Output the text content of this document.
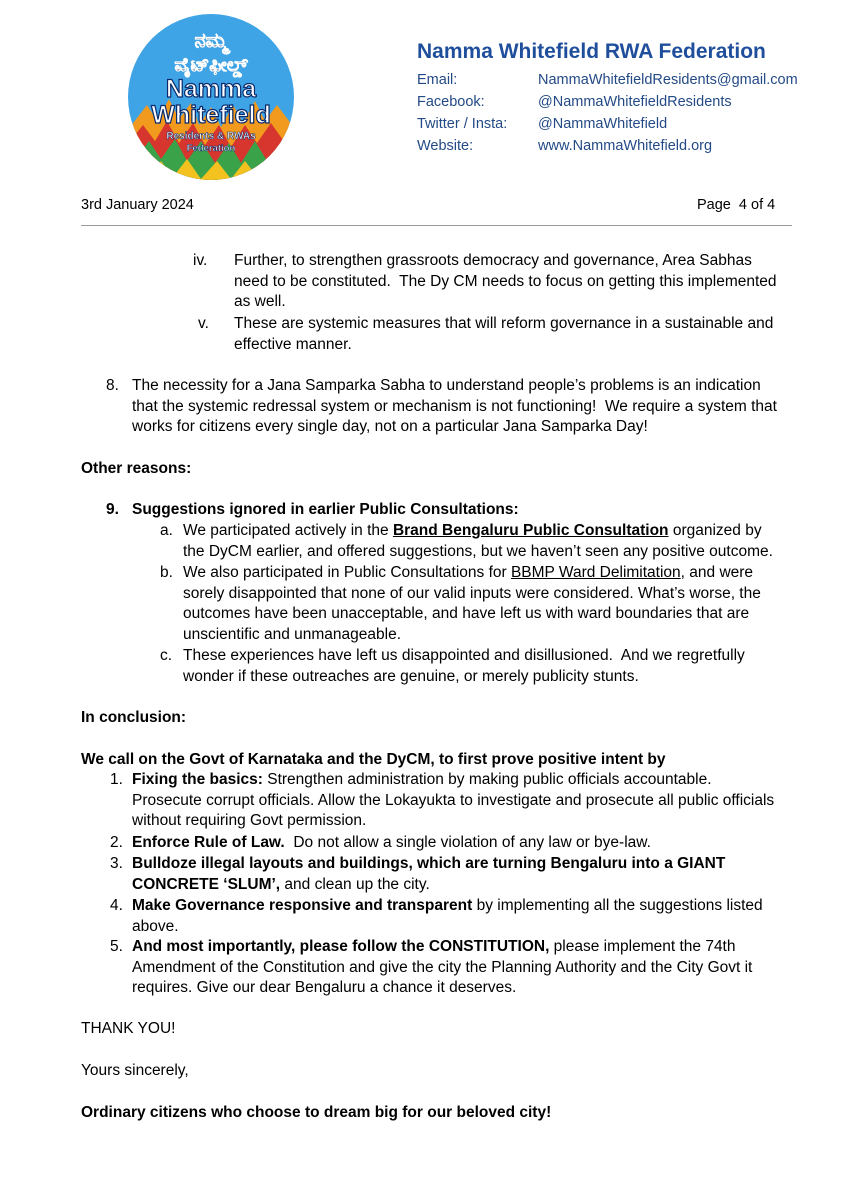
ನಮ್ಮ
ವೈಟ್‌ಫೀಲ್ಡ್
Namma
Whitefield
Residents & RWAs
Federation
Namma Whitefield RWA Federation
Email:	NammaWhitefieldResidents@gmail.com
Facebook:	@NammaWhitefieldResidents
Twitter / Insta: @NammaWhitefield
Website:	www.NammaWhitefield.org
3rd January 2024	Page  4 of 4
iv. Further, to strengthen grassroots democracy and governance, Area Sabhas
need to be constituted.  The Dy CM needs to focus on getting this implemented
as well.
v. These are systemic measures that will reform governance in a sustainable and
effective manner.
8. The necessity for a Jana Samparka Sabha to understand people’s problems is an indication
that the systemic redressal system or mechanism is not functioning!  We require a system that
works for citizens every single day, not on a particular Jana Samparka Day!
Other reasons:
9. Suggestions ignored in earlier Public Consultations:
a. We participated actively in the Brand Bengaluru Public Consultation organized by
the DyCM earlier, and offered suggestions, but we haven’t seen any positive outcome.
b. We also participated in Public Consultations for BBMP Ward Delimitation, and were
sorely disappointed that none of our valid inputs were considered. What’s worse, the
outcomes have been unacceptable, and have left us with ward boundaries that are
unscientific and unmanageable.
c. These experiences have left us disappointed and disillusioned.  And we regretfully
wonder if these outreaches are genuine, or merely publicity stunts.
In conclusion:
We call on the Govt of Karnataka and the DyCM, to first prove positive intent by
1. Fixing the basics: Strengthen administration by making public officials accountable.
Prosecute corrupt officials. Allow the Lokayukta to investigate and prosecute all public officials
without requiring Govt permission.
2. Enforce Rule of Law.  Do not allow a single violation of any law or bye-law.
3. Bulldoze illegal layouts and buildings, which are turning Bengaluru into a GIANT
CONCRETE ‘SLUM’, and clean up the city.
4. Make Governance responsive and transparent by implementing all the suggestions listed
above.
5. And most importantly, please follow the CONSTITUTION, please implement the 74th
Amendment of the Constitution and give the city the Planning Authority and the City Govt it
requires. Give our dear Bengaluru a chance it deserves.
THANK YOU!
Yours sincerely,
Ordinary citizens who choose to dream big for our beloved city!
